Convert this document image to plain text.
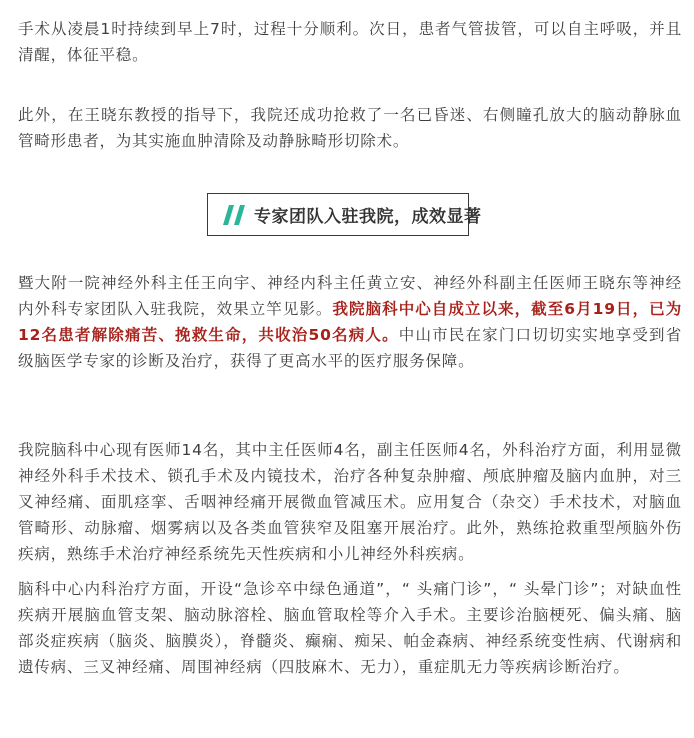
手术从凌晨1时持续到早上7时，过程十分顺利。次日，患者气管拔管，可以自主呼吸，并且清醒，体征平稳。

此外，在王晓东教授的指导下，我院还成功抢救了一名已昏迷、右侧瞳孔放大的脑动静脉血管畸形患者，为其实施血肿清除及动静脉畸形切除术。

暨大附一院神经外科主任王向宇、神经内科主任黄立安、神经外科副主任医师王晓东等神经内外科专家团队入驻我院，效果立竿见影。我院脑科中心自成立以来，截至6月19日，已为12名患者解除痛苦、挽救生命，共收治50名病人。中山市民在家门口切切实实地享受到省级脑医学专家的诊断及治疗，获得了更高水平的医疗服务保障。

我院脑科中心现有医师14名，其中主任医师4名，副主任医师4名，外科治疗方面，利用显微神经外科手术技术、锁孔手术及内镜技术，治疗各种复杂肿瘤、颅底肿瘤及脑内血肿，对三叉神经痛、面肌痉挛、舌咽神经痛开展微血管减压术。应用复合（杂交）手术技术，对脑血管畸形、动脉瘤、烟雾病以及各类血管狭窄及阻塞开展治疗。此外，熟练抢救重型颅脑外伤疾病，熟练手术治疗神经系统先天性疾病和小儿神经外科疾病。

脑科中心内科治疗方面，开设“急诊卒中绿色通道”，“ 头痛门诊”，“ 头晕门诊”；对缺血性疾病开展脑血管支架、脑动脉溶栓、脑血管取栓等介入手术。主要诊治脑梗死、偏头痛、脑部炎症疾病（脑炎、脑膜炎），脊髓炎、癫痫、痴呆、帕金森病、神经系统变性病、代谢病和遗传病、三叉神经痛、周围神经病（四肢麻木、无力），重症肌无力等疾病诊断治疗。

专家团队入驻我院，成效显著
